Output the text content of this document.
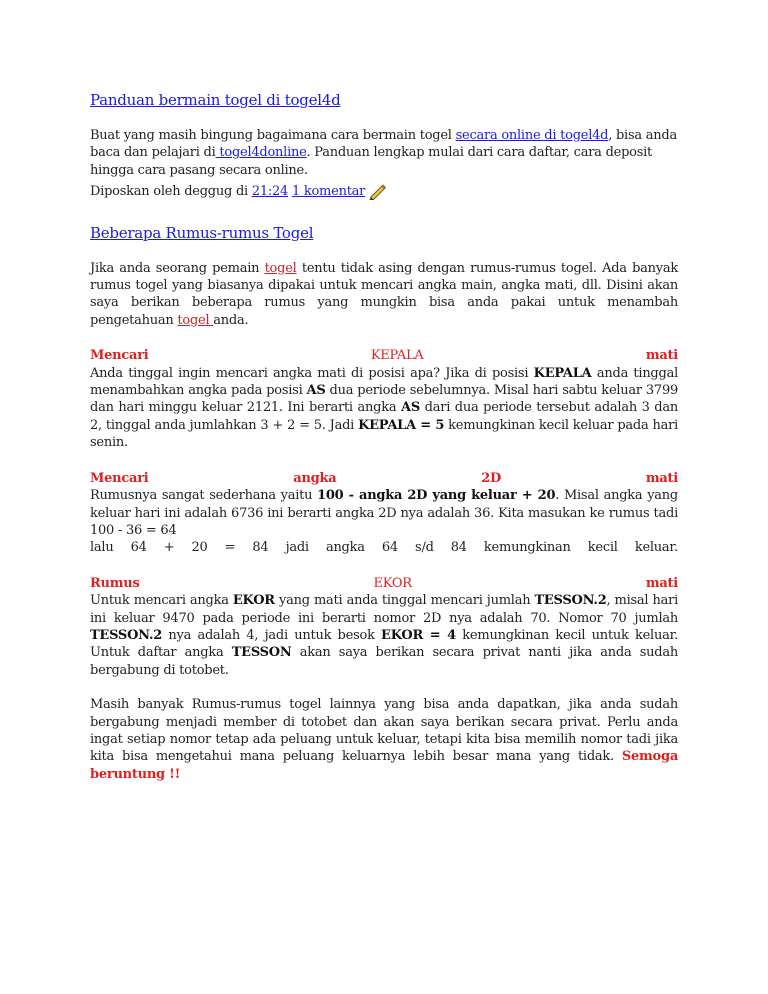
Panduan bermain togel di togel4d

Buat yang masih bingung bagaimana cara bermain togel secara online di togel4d, bisa anda baca dan pelajari di togel4donline. Panduan lengkap mulai dari cara daftar, cara deposit hingga cara pasang secara online.

Diposkan oleh deggug di 21:24
1 komentar
Beberapa Rumus-rumus Togel

Jika anda seorang pemain togel tentu tidak asing dengan rumus-rumus togel. Ada banyak rumus togel yang biasanya dipakai untuk mencari angka main, angka mati, dll. Disini akan saya berikan beberapa rumus yang mungkin bisa anda pakai untuk menambah pengetahuan togel anda.

Mencari	KEPALA	mati

Anda tinggal ingin mencari angka mati di posisi apa? Jika di posisi KEPALA anda tinggal menambahkan angka pada posisi AS dua periode sebelumnya. Misal hari sabtu keluar 3799 dan hari minggu keluar 2121. Ini berarti angka AS dari dua periode tersebut adalah 3 dan 2, tinggal anda jumlahkan 3 + 2 = 5. Jadi KEPALA = 5 kemungkinan kecil keluar pada hari senin.

Mencari	angka	2D	mati

Rumusnya sangat sederhana yaitu 100 - angka 2D yang keluar + 20. Misal angka yang keluar hari ini adalah 6736 ini berarti angka 2D nya adalah 36. Kita masukan ke rumus tadi 100 - 36 = 64

lalu 64 + 20 = 84 jadi angka 64 s/d 84 kemungkinan kecil keluar.
Rumus	EKOR	mati

Untuk mencari angka EKOR yang mati anda tinggal mencari jumlah TESSON.2, misal hari ini keluar 9470 pada periode ini berarti nomor 2D nya adalah 70. Nomor 70 jumlah TESSON.2 nya adalah 4, jadi untuk besok EKOR = 4 kemungkinan kecil untuk keluar. Untuk daftar angka TESSON akan saya berikan secara privat nanti jika anda sudah bergabung di totobet.

Masih banyak Rumus-rumus togel lainnya yang bisa anda dapatkan, jika anda sudah bergabung menjadi member di totobet dan akan saya berikan secara privat. Perlu anda ingat setiap nomor tetap ada peluang untuk keluar, tetapi kita bisa memilih nomor tadi jika kita bisa mengetahui mana peluang keluarnya lebih besar mana yang tidak. Semoga beruntung !!
